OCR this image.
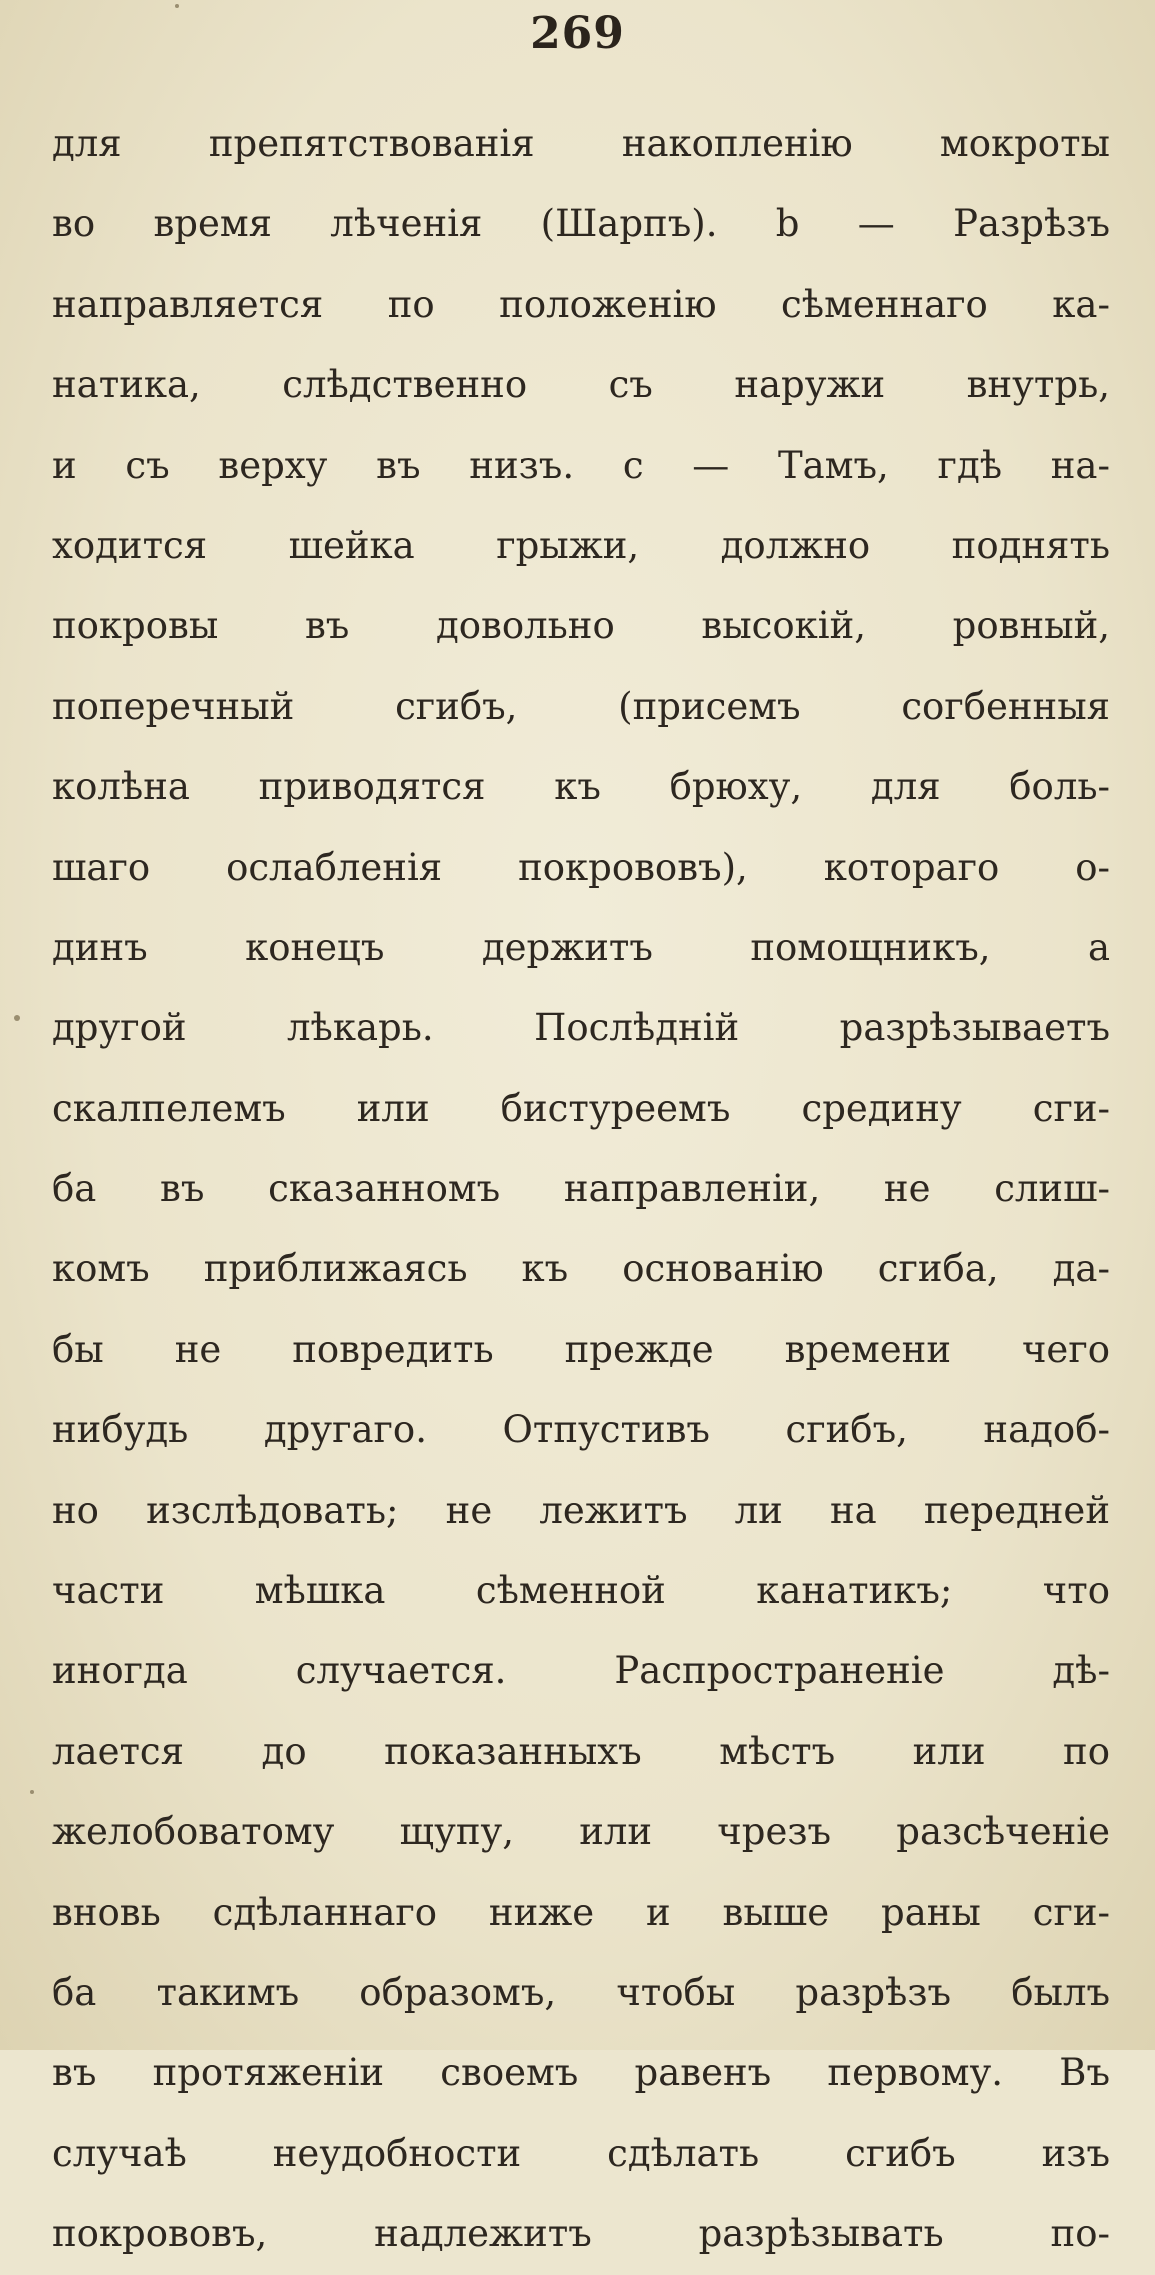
269
для препятствованія накопленію мокроты
во время лѣченія (Шарпъ). b — Разрѣзъ
направляется по положенію сѣменнаго ка-
натика, слѣдственно съ наружи внутрь,
и съ верху въ низъ. c — Тамъ, гдѣ на-
ходится шейка грыжи, должно поднять
покровы въ довольно высокій, ровный,
поперечный сгибъ, (присемъ согбенныя
колѣна приводятся къ брюху, для боль-
шаго ослабленія покрововъ), котораго о-
динъ конецъ держитъ помощникъ, а
другой лѣкарь. Послѣдній разрѣзываетъ
скалпелемъ или бистуреемъ средину сги-
ба въ сказанномъ направленіи, не слиш-
комъ приближаясь къ основанію сгиба, да-
бы не повредить прежде времени чего
нибудь другаго. Отпустивъ сгибъ, надоб-
но изслѣдовать; не лежитъ ли на передней
части мѣшка сѣменной канатикъ; что
иногда случается. Распространеніе дѣ-
лается до показанныхъ мѣстъ или по
желобоватому щупу, или чрезъ разсѣченіе
вновь сдѣланнаго ниже и выше раны сги-
ба такимъ образомъ, чтобы разрѣзъ былъ
въ протяженіи своемъ равенъ первому. Въ
случаѣ неудобности сдѣлать сгибъ изъ
покрововъ, надлежитъ разрѣзывать по-
